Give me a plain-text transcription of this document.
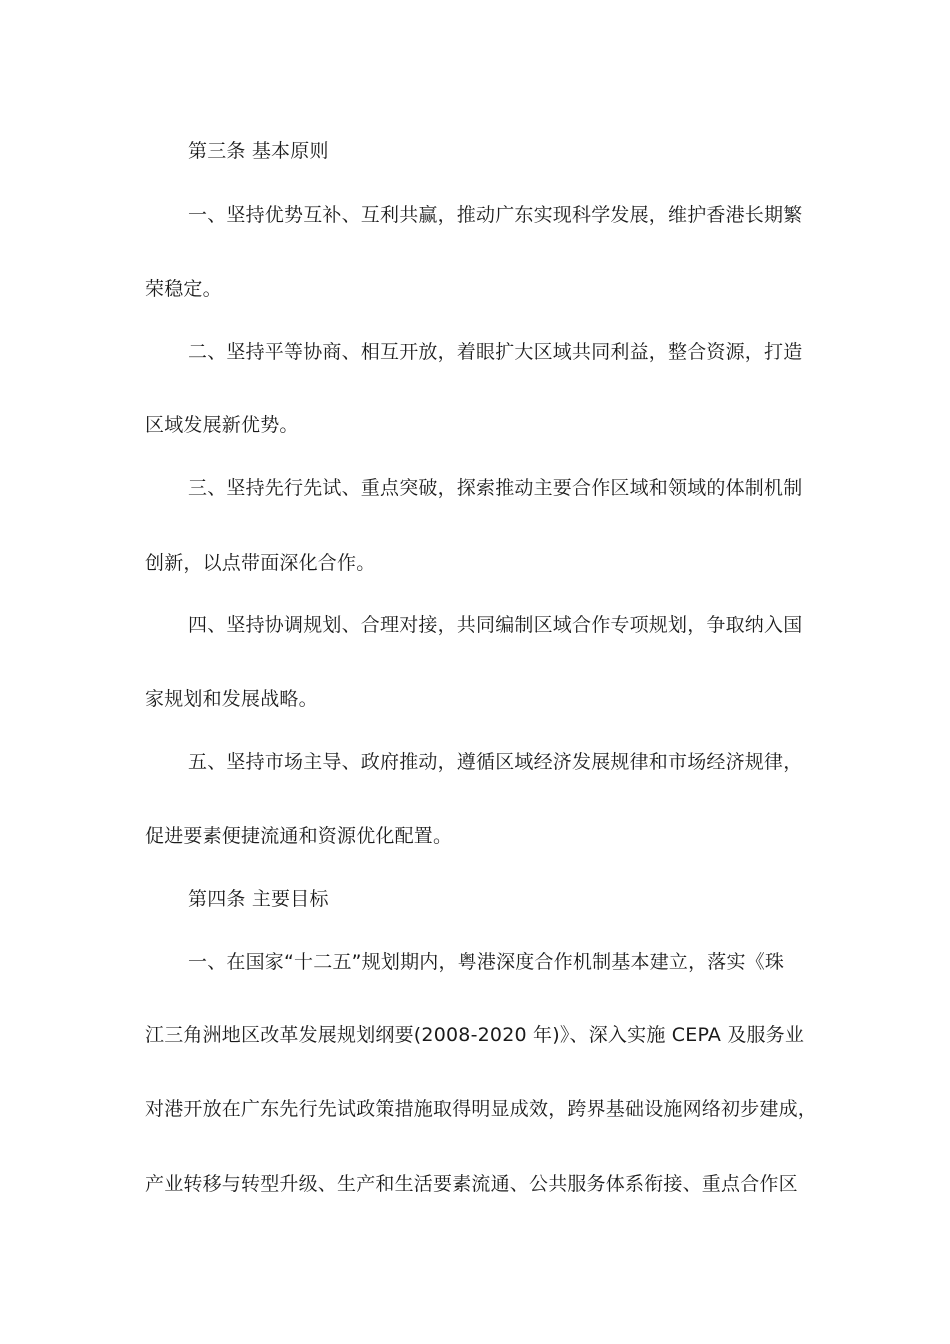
第三条 基本原则
一、坚持优势互补、互利共赢，推动广东实现科学发展，维护香港长期繁
荣稳定。
二、坚持平等协商、相互开放，着眼扩大区域共同利益，整合资源，打造
区域发展新优势。
三、坚持先行先试、重点突破，探索推动主要合作区域和领域的体制机制
创新，以点带面深化合作。
四、坚持协调规划、合理对接，共同编制区域合作专项规划，争取纳入国
家规划和发展战略。
五、坚持市场主导、政府推动，遵循区域经济发展规律和市场经济规律，
促进要素便捷流通和资源优化配置。
第四条 主要目标
一、在国家“十二五”规划期内，粤港深度合作机制基本建立，落实《珠
江三角洲地区改革发展规划纲要(2008-2020 年)》、深入实施 CEPA 及服务业
对港开放在广东先行先试政策措施取得明显成效，跨界基础设施网络初步建成，
产业转移与转型升级、生产和生活要素流通、公共服务体系衔接、重点合作区
